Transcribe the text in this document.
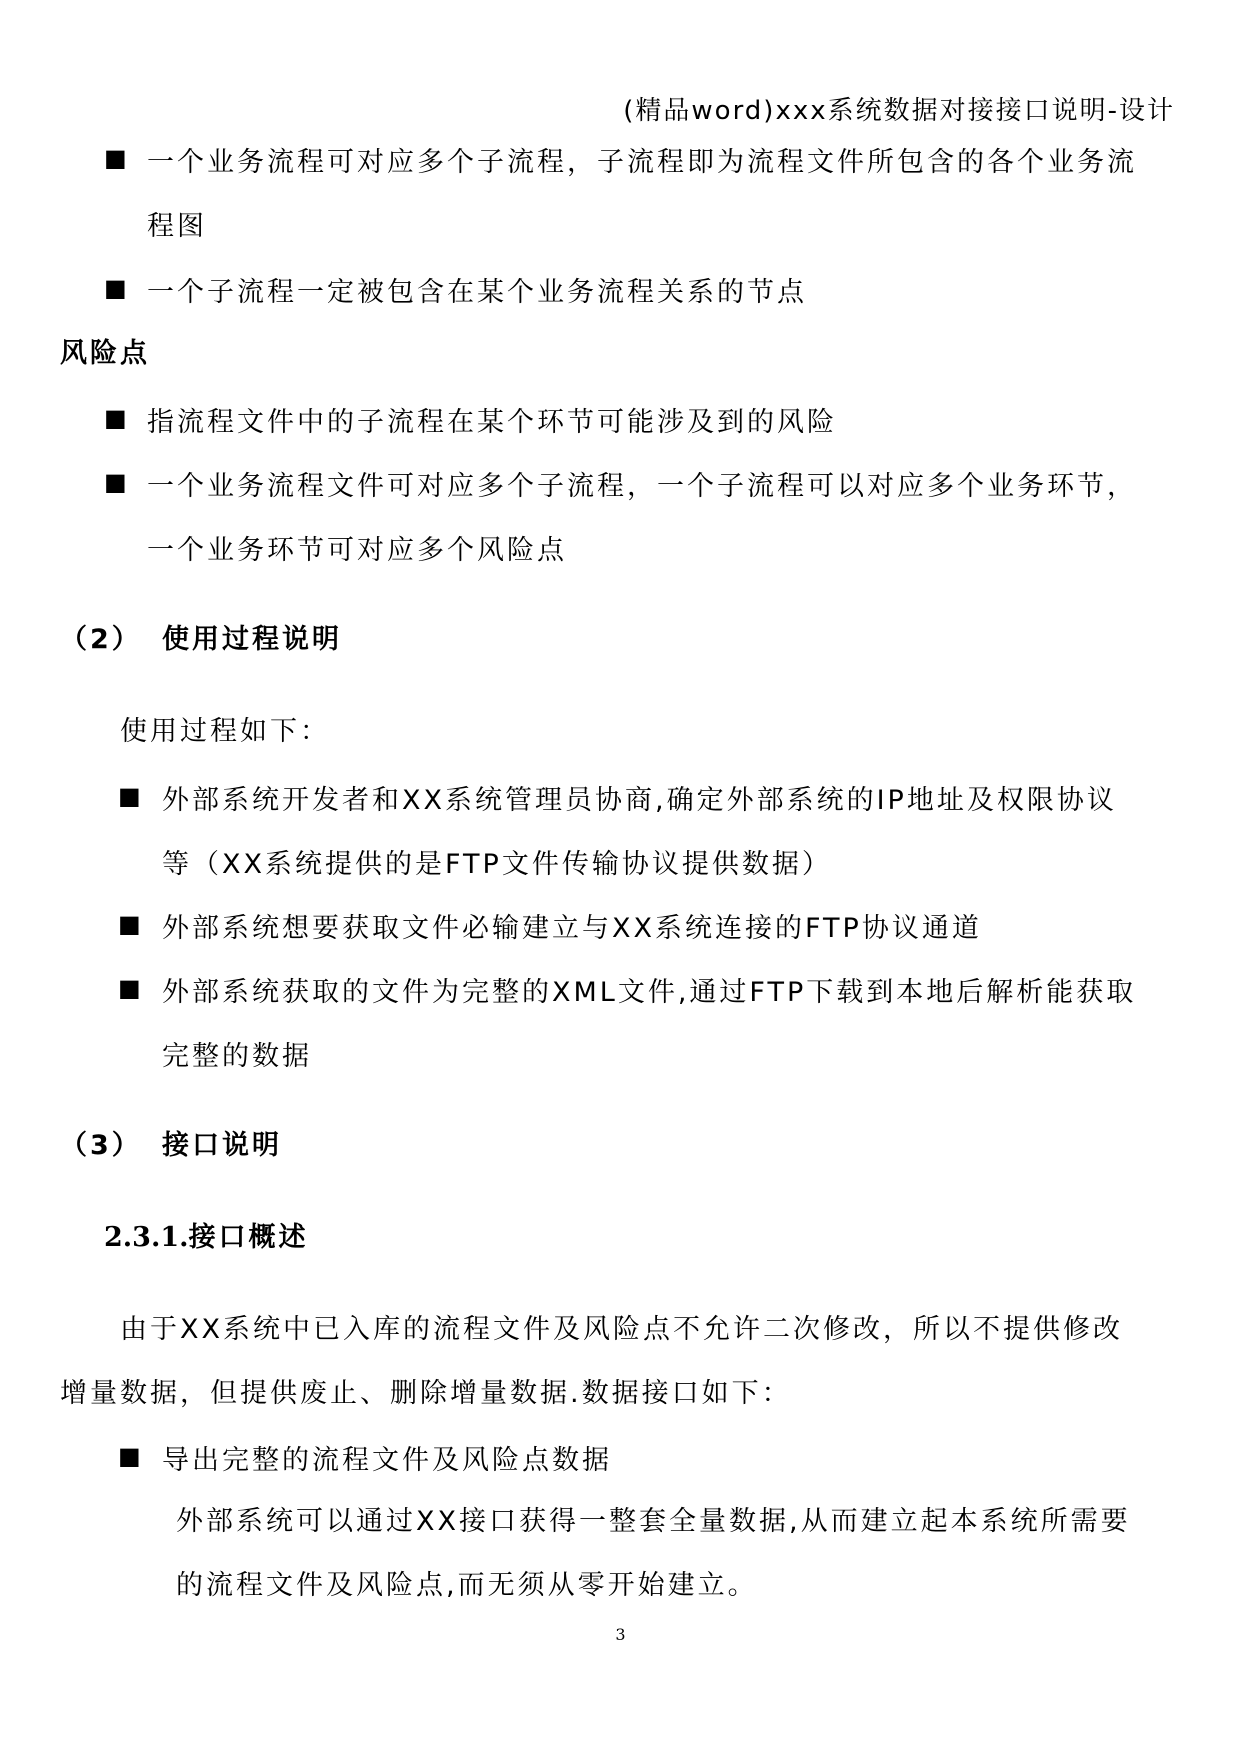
(精品word)xxx系统数据对接接口说明-设计
■ 一个业务流程可对应多个子流程，子流程即为流程文件所包含的各个业务流
程图
■ 一个子流程一定被包含在某个业务流程关系的节点
风险点
■ 指流程文件中的子流程在某个环节可能涉及到的风险
■ 一个业务流程文件可对应多个子流程，一个子流程可以对应多个业务环节，
一个业务环节可对应多个风险点
（2） 使用过程说明
使用过程如下：
■ 外部系统开发者和XX系统管理员协商,确定外部系统的IP地址及权限协议
等（XX系统提供的是FTP文件传输协议提供数据）
■ 外部系统想要获取文件必输建立与XX系统连接的FTP协议通道
■ 外部系统获取的文件为完整的XML文件,通过FTP下载到本地后解析能获取
完整的数据
（3） 接口说明
2.3.1.接口概述
由于XX系统中已入库的流程文件及风险点不允许二次修改，所以不提供修改
增量数据，但提供废止、删除增量数据.数据接口如下：
■ 导出完整的流程文件及风险点数据
外部系统可以通过XX接口获得一整套全量数据,从而建立起本系统所需要
的流程文件及风险点,而无须从零开始建立。
3
